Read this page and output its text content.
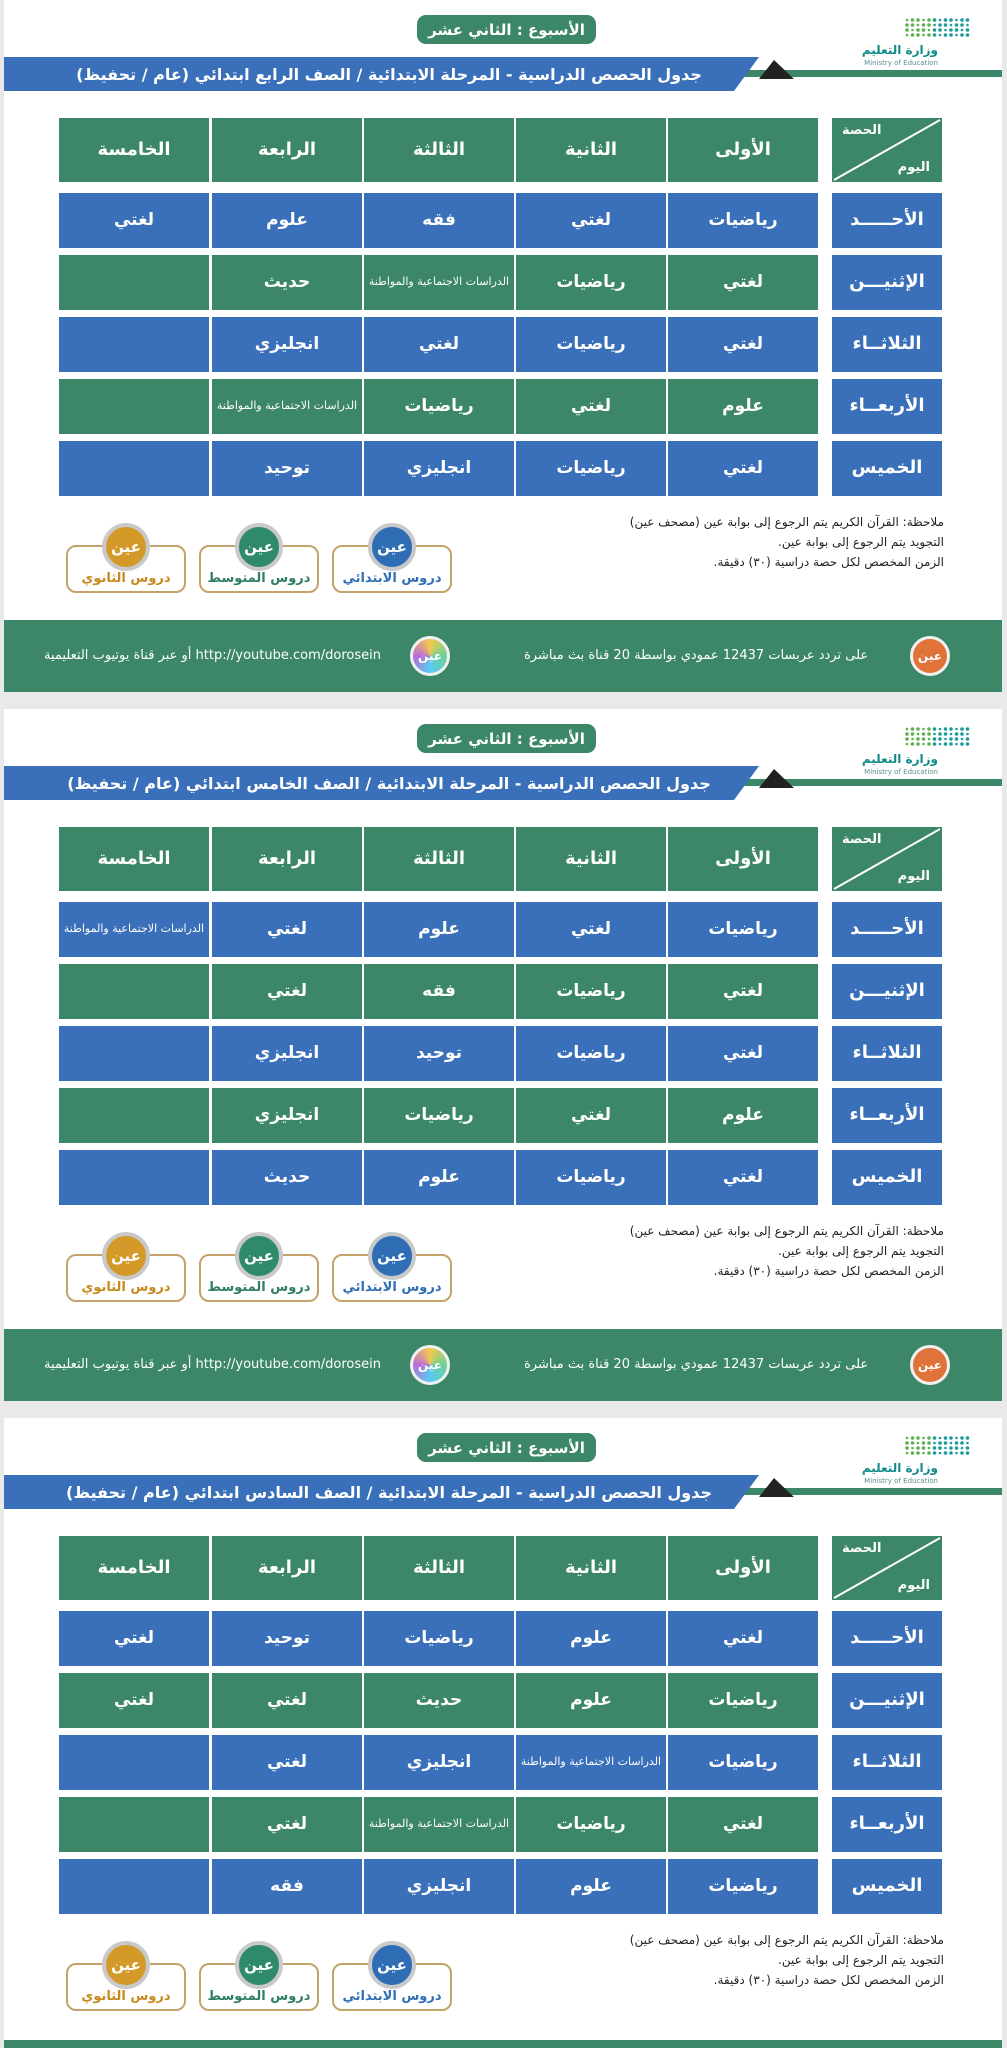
وزارة التعليم
Ministry of Education
الأسبوع : الثاني عشر
جدول الحصص الدراسية - المرحلة الابتدائية / الصف الرابع ابتدائي (عام / تحفيظ)
الحصة
اليوم
الأولى
الثانية
الثالثة
الرابعة
الخامسة
الأحـــــد
رياضيات
لغتي
فقه
علوم
لغتي
الإثنيـــن
لغتي
رياضيات
الدراسات الاجتماعية والمواطنة
حديث
الثلاثــاء
لغتي
رياضيات
لغتي
انجليزي
الأربعــاء
علوم
لغتي
رياضيات
الدراسات الاجتماعية والمواطنة
الخميس
لغتي
رياضيات
انجليزي
توحيد
ملاحظة: القرآن الكريم يتم الرجوع إلى بوابة عين (مصحف عين)
التجويد يتم الرجوع إلى بوابة عين.
الزمن المخصص لكل حصة دراسية (٣٠) دقيقة.
عين
دروس الابتدائي
عين
دروس المتوسط
عين
دروس الثانوي
عين
على تردد عربسات 12437 عمودي بواسطة 20 قناة بث مباشرة
عين
http://youtube.com/dorosein أو عبر قناة يوتيوب التعليمية
وزارة التعليم
Ministry of Education
الأسبوع : الثاني عشر
جدول الحصص الدراسية - المرحلة الابتدائية / الصف الخامس ابتدائي (عام / تحفيظ)
الحصة
اليوم
الأولى
الثانية
الثالثة
الرابعة
الخامسة
الأحـــــد
رياضيات
لغتي
علوم
لغتي
الدراسات الاجتماعية والمواطنة
الإثنيـــن
لغتي
رياضيات
فقه
لغتي
الثلاثــاء
لغتي
رياضيات
توحيد
انجليزي
الأربعــاء
علوم
لغتي
رياضيات
انجليزي
الخميس
لغتي
رياضيات
علوم
حديث
ملاحظة: القرآن الكريم يتم الرجوع إلى بوابة عين (مصحف عين)
التجويد يتم الرجوع إلى بوابة عين.
الزمن المخصص لكل حصة دراسية (٣٠) دقيقة.
عين
دروس الابتدائي
عين
دروس المتوسط
عين
دروس الثانوي
عين
على تردد عربسات 12437 عمودي بواسطة 20 قناة بث مباشرة
عين
http://youtube.com/dorosein أو عبر قناة يوتيوب التعليمية
وزارة التعليم
Ministry of Education
الأسبوع : الثاني عشر
جدول الحصص الدراسية - المرحلة الابتدائية / الصف السادس ابتدائي (عام / تحفيظ)
الحصة
اليوم
الأولى
الثانية
الثالثة
الرابعة
الخامسة
الأحـــــد
لغتي
علوم
رياضيات
توحيد
لغتي
الإثنيـــن
رياضيات
علوم
حديث
لغتي
لغتي
الثلاثــاء
رياضيات
الدراسات الاجتماعية والمواطنة
انجليزي
لغتي
الأربعــاء
لغتي
رياضيات
الدراسات الاجتماعية والمواطنة
لغتي
الخميس
رياضيات
علوم
انجليزي
فقه
ملاحظة: القرآن الكريم يتم الرجوع إلى بوابة عين (مصحف عين)
التجويد يتم الرجوع إلى بوابة عين.
الزمن المخصص لكل حصة دراسية (٣٠) دقيقة.
عين
دروس الابتدائي
عين
دروس المتوسط
عين
دروس الثانوي
